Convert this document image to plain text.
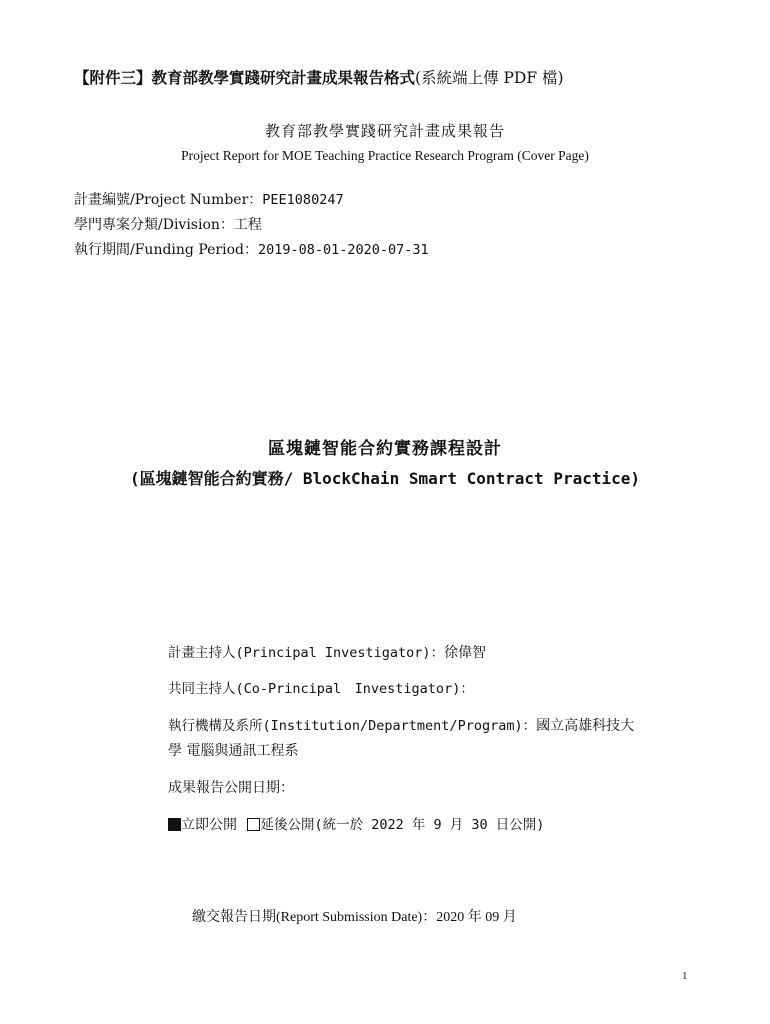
【附件三】教育部教學實踐研究計畫成果報告格式(系統端上傳 PDF 檔)
教育部教學實踐研究計畫成果報告
Project Report for MOE Teaching Practice Research Program (Cover Page)
計畫編號/Project Number：PEE1080247
學門專案分類/Division：工程
執行期間/Funding Period：2019-08-01-2020-07-31
區塊鏈智能合約實務課程設計
(區塊鏈智能合約實務/ BlockChain Smart Contract Practice)
計畫主持人(Principal Investigator)：徐偉智
共同主持人(Co-Principal　Investigator)：
執行機構及系所(Institution/Department/Program)：國立高雄科技大
學 電腦與通訊工程系
成果報告公開日期：
立即公開 延後公開(統一於 2022 年 9 月 30 日公開)
繳交報告日期(Report Submission Date)：2020 年 09 月
1
